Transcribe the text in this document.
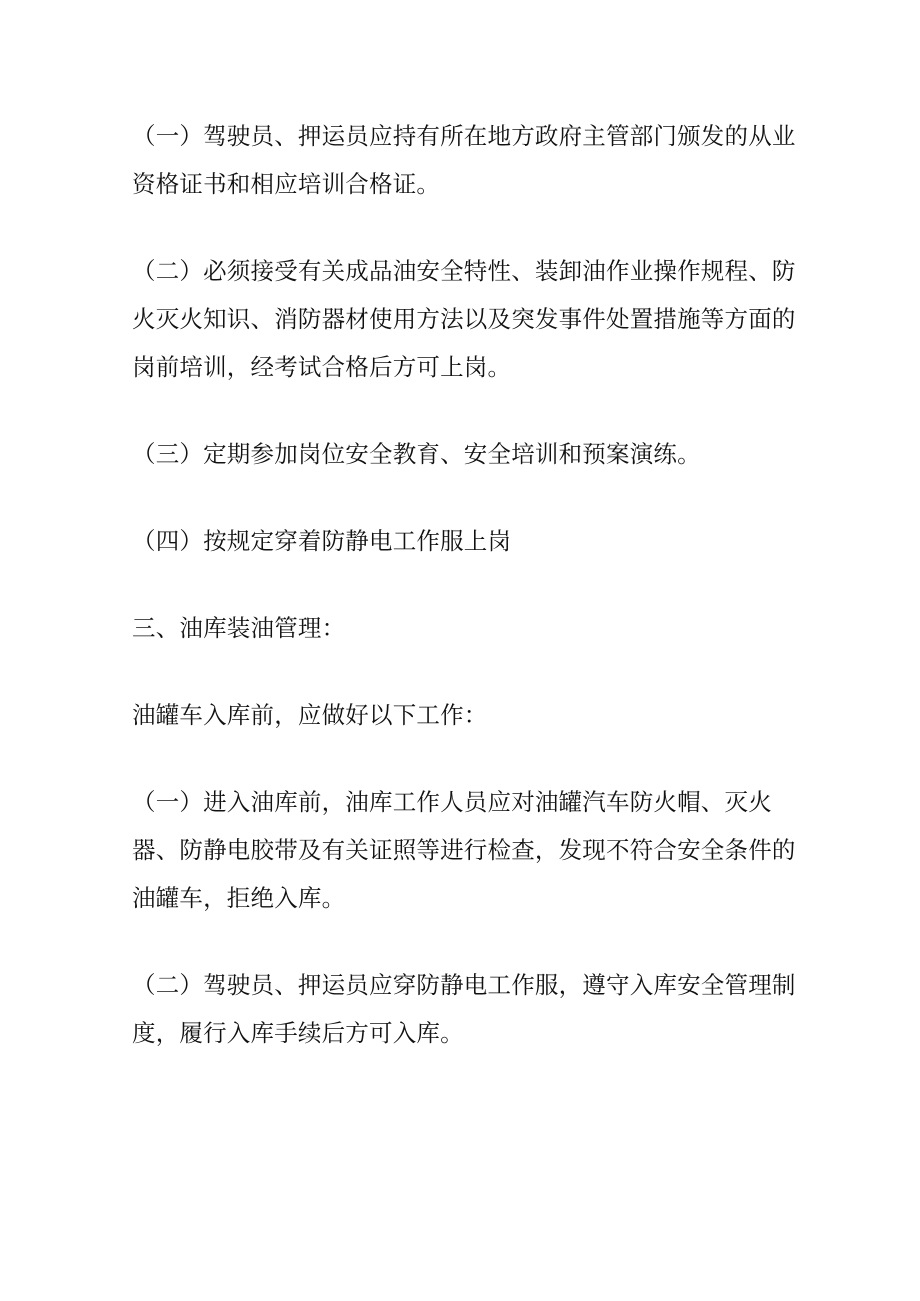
（一）驾驶员、押运员应持有所在地方政府主管部门颁发的从业
资格证书和相应培训合格证。

（二）必须接受有关成品油安全特性、装卸油作业操作规程、防
火灭火知识、消防器材使用方法以及突发事件处置措施等方面的
岗前培训，经考试合格后方可上岗。

（三）定期参加岗位安全教育、安全培训和预案演练。

（四）按规定穿着防静电工作服上岗

三、油库装油管理：

油罐车入库前，应做好以下工作：

（一）进入油库前，油库工作人员应对油罐汽车防火帽、灭火
器、防静电胶带及有关证照等进行检查，发现不符合安全条件的
油罐车，拒绝入库。

（二）驾驶员、押运员应穿防静电工作服，遵守入库安全管理制
度，履行入库手续后方可入库。
